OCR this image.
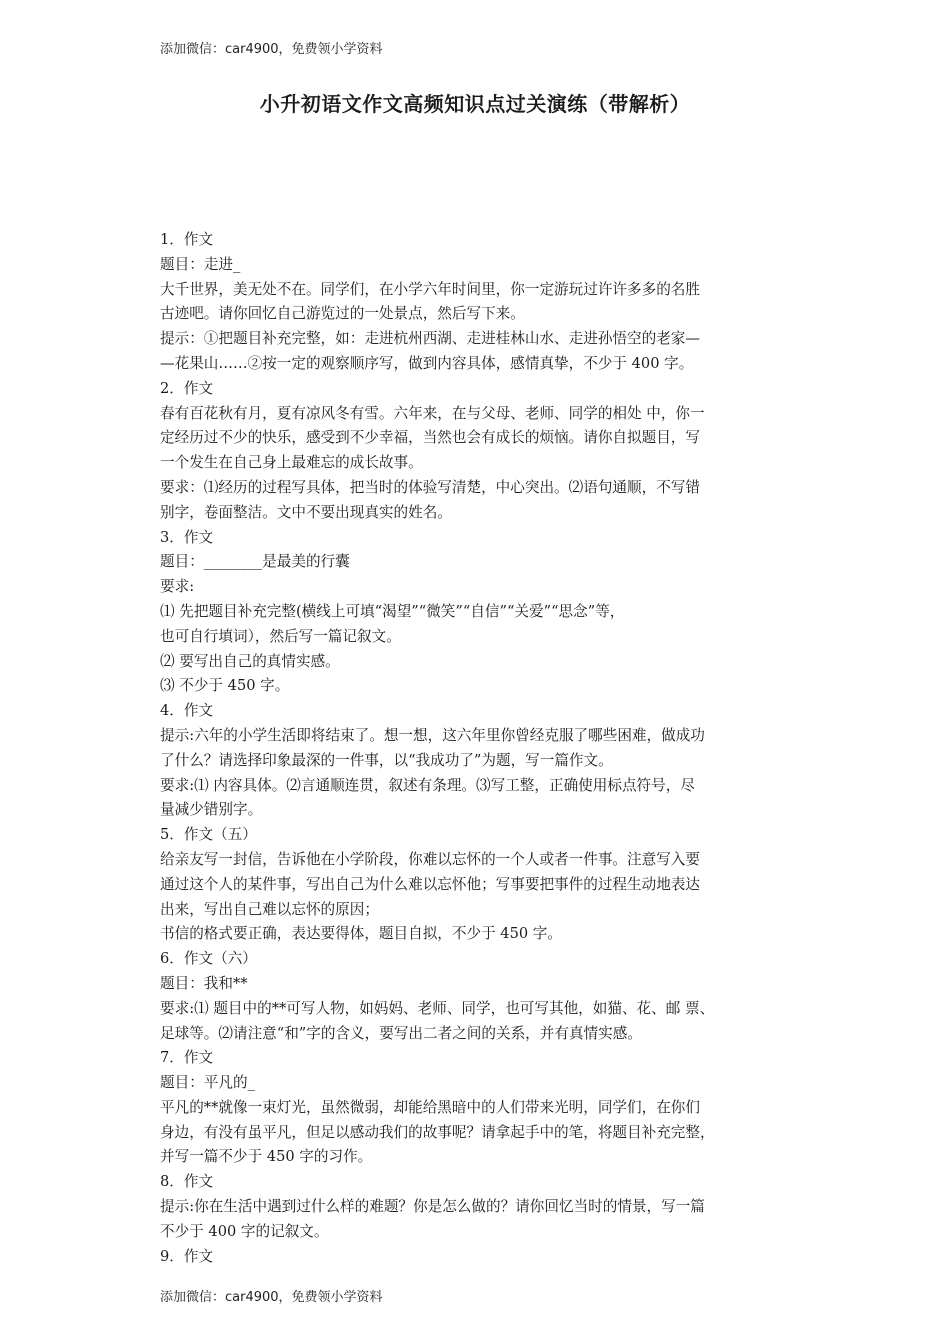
添加微信：car4900，免费领小学资料
小升初语文作文高频知识点过关演练（带解析）

1．作文

题目：走进_

大千世界，美无处不在。同学们，在小学六年时间里，你一定游玩过许许多多的名胜

古迹吧。请你回忆自己游览过的一处景点，然后写下来。

提示：①把题目补充完整，如：走进杭州西湖、走进桂林山水、走进孙悟空的老家—

—花果山……②按一定的观察顺序写，做到内容具体，感情真挚，不少于 400 字。

2．作文

春有百花秋有月，夏有凉风冬有雪。六年来，在与父母、老师、同学的相处 中，你一

定经历过不少的快乐，感受到不少幸福，当然也会有成长的烦恼。请你自拟题目，写

一个发生在自己身上最难忘的成长故事。

要求：⑴经历的过程写具体，把当时的体验写清楚，中心突出。⑵语句通顺，不写错

别字，卷面整洁。文中不要出现真实的姓名。

3．作文

题目：________是最美的行囊

要求:

⑴ 先把题目补充完整(横线上可填“渴望”“微笑”“自信”“关爱”“思念”等，

也可自行填词），然后写一篇记叙文。

⑵ 要写出自己的真情实感。

⑶ 不少于 450 字。

4．作文

提示:六年的小学生活即将结束了。想一想，这六年里你曾经克服了哪些困难，做成功

了什么？请选择印象最深的一件事，以“我成功了”为题，写一篇作文。

要求:⑴ 内容具体。⑵言通顺连贯，叙述有条理。⑶写工整，正确使用标点符号，尽

量减少错别字。

5．作文（五）

给亲友写一封信，告诉他在小学阶段，你难以忘怀的一个人或者一件事。注意写入要

通过这个人的某件事，写出自己为什么难以忘怀他；写事要把事件的过程生动地表达

出来，写出自己难以忘怀的原因；

书信的格式要正确，表达要得体，题目自拟，不少于 450 字。

6．作文（六）

题目：我和**

要求:⑴ 题目中的**可写人物，如妈妈、老师、同学，也可写其他，如猫、花、邮 票、

足球等。⑵请注意“和”字的含义，要写出二者之间的关系，并有真情实感。

7．作文

题目：平凡的_

平凡的**就像一束灯光，虽然微弱，却能给黑暗中的人们带来光明，同学们，在你们

身边，有没有虽平凡，但足以感动我们的故事呢？请拿起手中的笔，将题目补充完整，

并写一篇不少于 450 字的习作。

8．作文

提示:你在生活中遇到过什么样的难题？你是怎么做的？请你回忆当时的情景，写一篇

不少于 400 字的记叙文。

9．作文

添加微信：car4900，免费领小学资料
